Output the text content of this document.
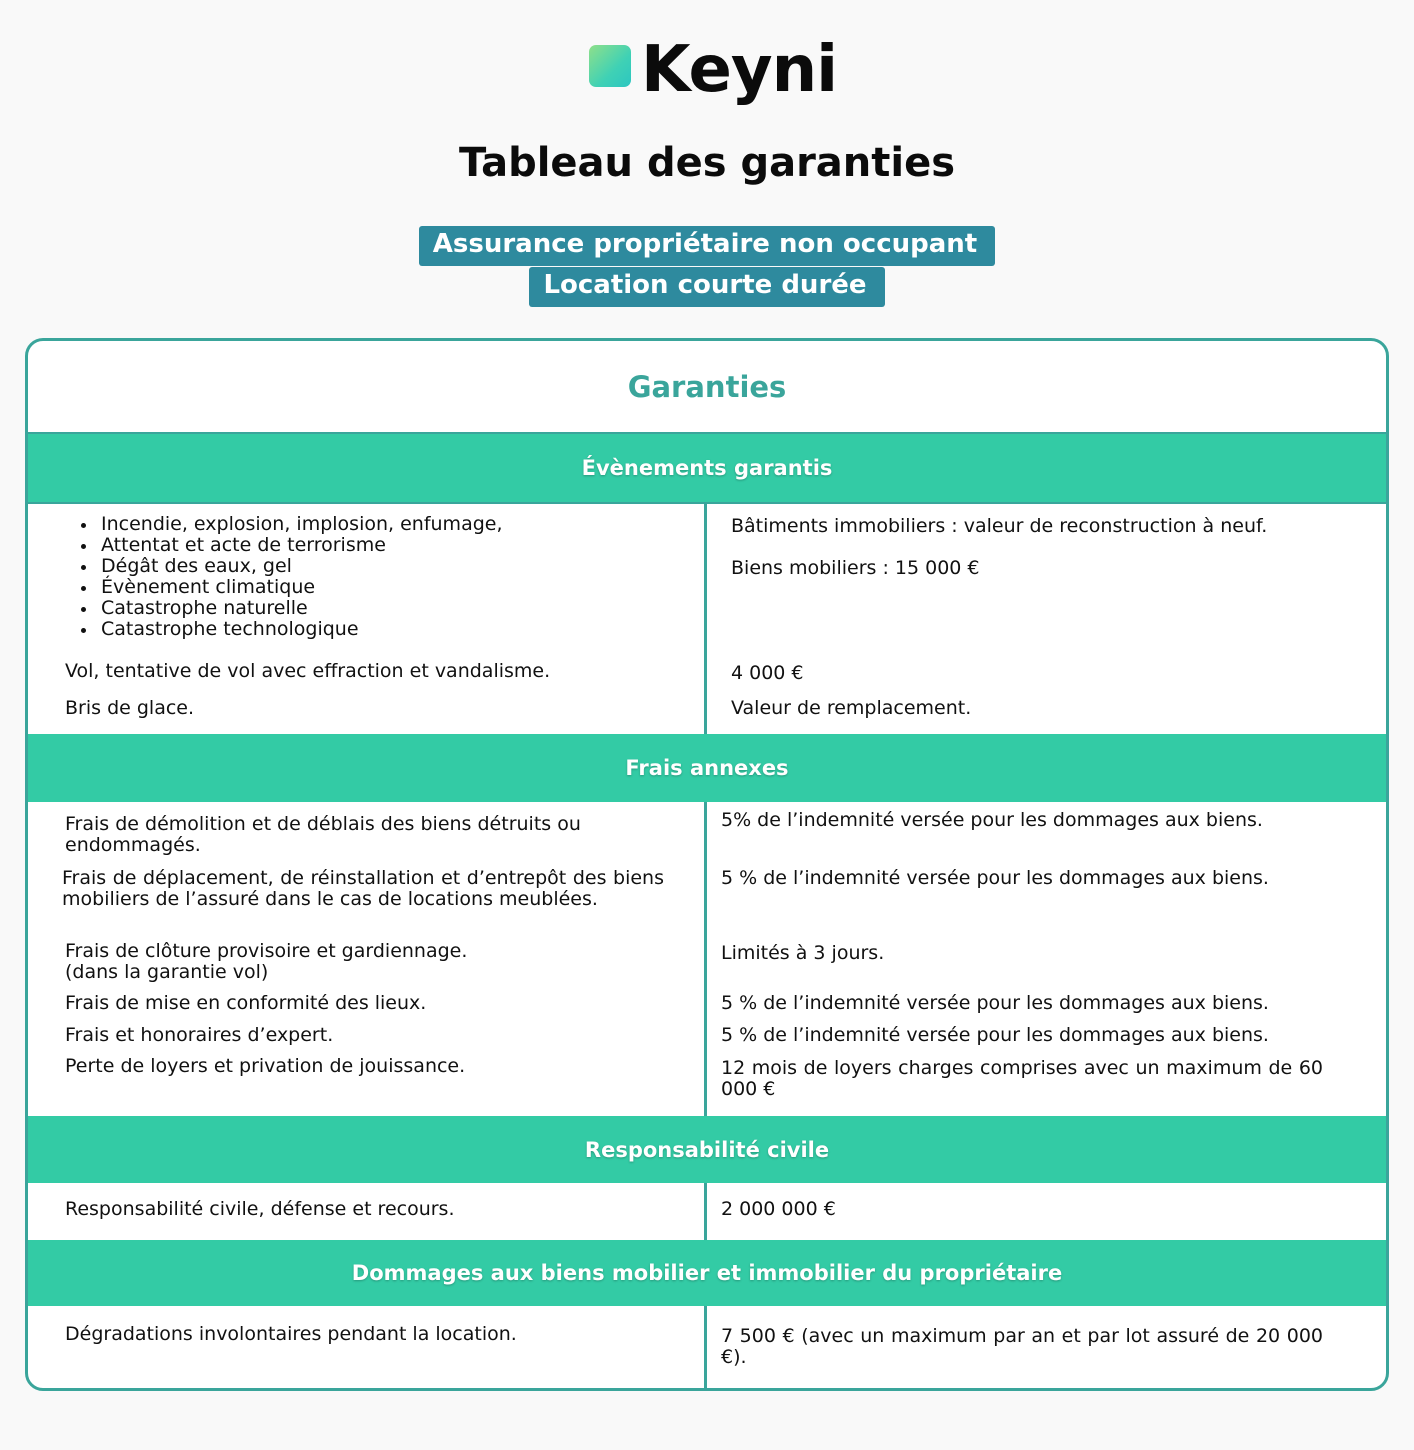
Keyni
Tableau des garanties
Assurance propriétaire non occupant
Location courte durée
Garanties
Évènements garantis
Incendie, explosion, implosion, enfumage,
Attentat et acte de terrorisme
Dégât des eaux, gel
Évènement climatique
Catastrophe naturelle
Catastrophe technologique
Vol, tentative de vol avec effraction et vandalisme.
Bris de glace.
Bâtiments immobiliers : valeur de reconstruction à neuf.
Biens mobiliers : 15 000 €
4 000 €
Valeur de remplacement.
Frais annexes
Frais de démolition et de déblais des biens détruits ou endommagés.
Frais de déplacement, de réinstallation et d’entrepôt des biens mobiliers de l’assuré dans le cas de locations meublées.
Frais de clôture provisoire et gardiennage.
(dans la garantie vol)
Frais de mise en conformité des lieux.
Frais et honoraires d’expert.
Perte de loyers et privation de jouissance.
5% de l’indemnité versée pour les dommages aux biens.
5 % de l’indemnité versée pour les dommages aux biens.
Limités à 3 jours.
5 % de l’indemnité versée pour les dommages aux biens.
5 % de l’indemnité versée pour les dommages aux biens.
12 mois de loyers charges comprises avec un maximum de 60 000 €
Responsabilité civile
Responsabilité civile, défense et recours.	2 000 000 €
Dommages aux biens mobilier et immobilier du propriétaire
Dégradations involontaires pendant la location.	7 500 € (avec un maximum par an et par lot assuré de 20 000 €).
